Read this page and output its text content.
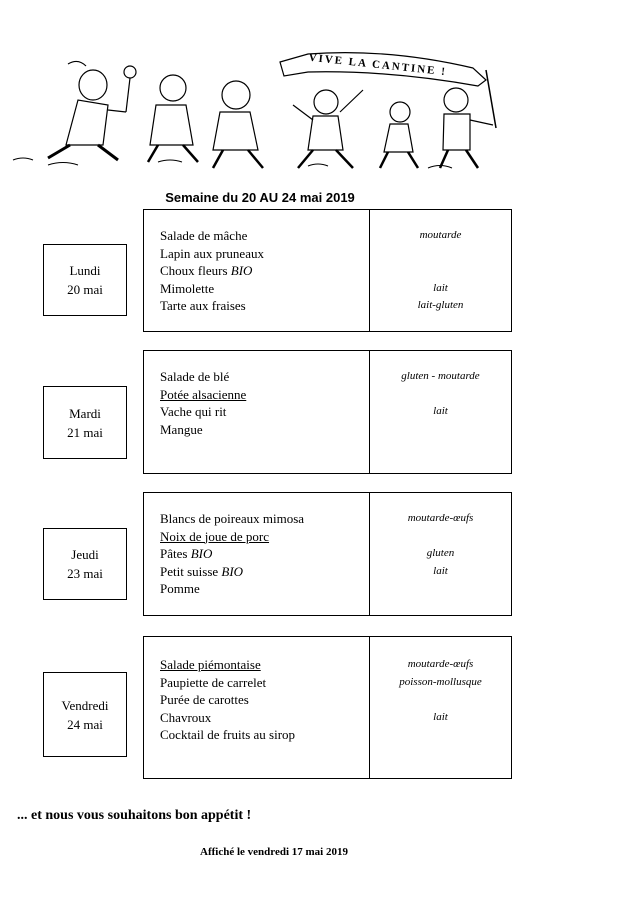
VIVE LA CANTINE !
Semaine du 20 AU 24 mai 2019
Lundi
20 mai
Salade de mâche
Lapin aux pruneaux
Choux fleurs BIO
Mimolette
Tarte aux fraises
moutarde
lait
lait-gluten
Mardi
21 mai
Salade de blé
Potée alsacienne
Vache qui rit
Mangue
gluten - moutarde
lait
Jeudi
23 mai
Blancs de poireaux mimosa
Noix de joue de porc
Pâtes BIO
Petit suisse BIO
Pomme
moutarde-œufs
gluten
lait
Vendredi
24 mai
Salade piémontaise
Paupiette de carrelet
Purée de carottes
Chavroux
Cocktail de fruits au sirop
moutarde-œufs
poisson-mollusque
lait
... et nous vous souhaitons bon appétit !
Affiché le vendredi 17 mai 2019
